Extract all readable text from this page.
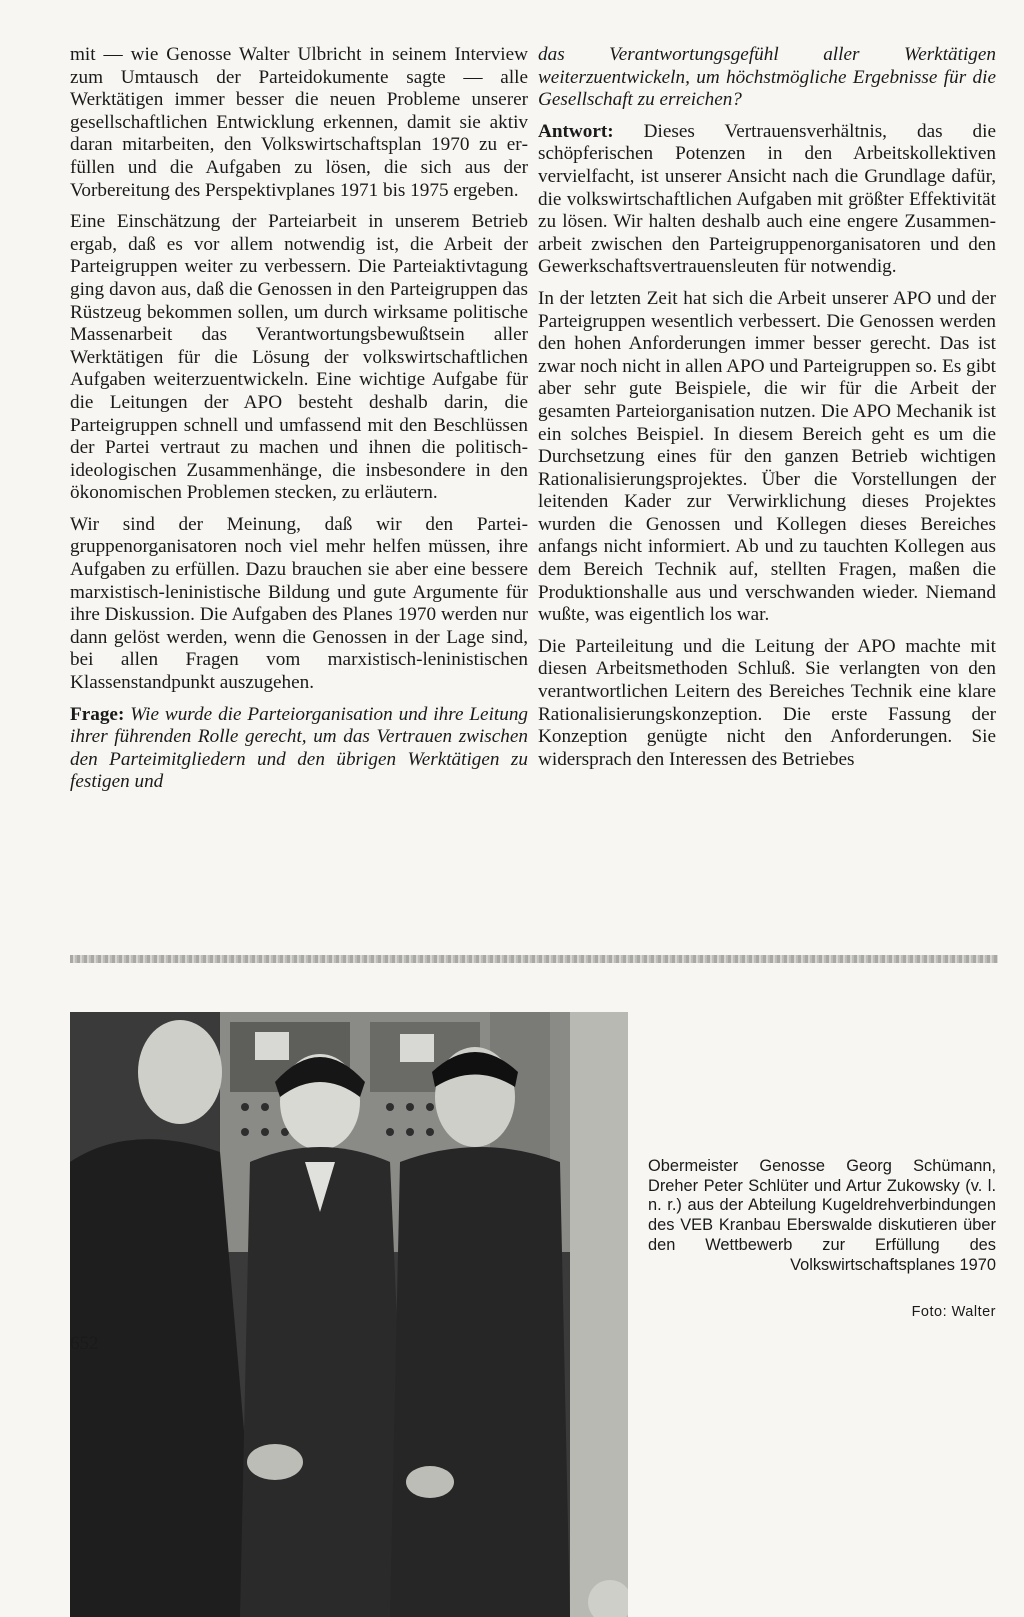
mit — wie Genosse Walter Ulbricht in seinem Interview zum Umtausch der Parteidokumente sagte — alle Werktätigen immer besser die neuen Probleme unserer gesellschaftlichen Entwicklung erkennen, damit sie aktiv daran mitarbeiten, den Volkswirtschaftsplan 1970 zu erfüllen und die Aufgaben zu lösen, die sich aus der Vorbereitung des Perspektivplanes 1971 bis 1975 ergeben.

Eine Einschätzung der Parteiarbeit in unserem Betrieb ergab, daß es vor allem notwendig ist, die Arbeit der Parteigruppen weiter zu verbessern. Die Parteiaktivtagung ging davon aus, daß die Genossen in den Parteigruppen das Rüstzeug bekommen sollen, um durch wirksame politische Massenarbeit das Verantwortungsbewußtsein aller Werktätigen für die Lösung der volkswirtschaftlichen Aufgaben weiterzuentwickeln. Eine wichtige Aufgabe für die Leitungen der APO besteht deshalb darin, die Parteigruppen schnell und umfassend mit den Beschlüssen der Partei vertraut zu machen und ihnen die politisch-ideologischen Zusammenhänge, die insbesondere in den ökonomischen Problemen stecken, zu erläutern.

Wir sind der Meinung, daß wir den Parteigruppenorganisatoren noch viel mehr helfen müssen, ihre Aufgaben zu erfüllen. Dazu brauchen sie aber eine bessere marxistisch-leninistische Bildung und gute Argumente für ihre Diskussion. Die Aufgaben des Planes 1970 werden nur dann gelöst werden, wenn die Genossen in der Lage sind, bei allen Fragen vom marxistisch-leninistischen Klassenstandpunkt auszugehen.

Frage: Wie wurde die Parteiorganisation und ihre Leitung ihrer führenden Rolle gerecht, um das Vertrauen zwischen den Parteimitgliedern und den übrigen Werktätigen zu festigen und

das Verantwortungsgefühl aller Werktätigen weiterzuentwickeln, um höchstmögliche Ergebnisse für die Gesellschaft zu erreichen?

Antwort: Dieses Vertrauensverhältnis, das die schöpferischen Potenzen in den Arbeitskollektiven vervielfacht, ist unserer Ansicht nach die Grundlage dafür, die volkswirtschaftlichen Aufgaben mit größter Effektivität zu lösen. Wir halten deshalb auch eine engere Zusammenarbeit zwischen den Parteigruppenorganisatoren und den Gewerkschaftsvertrauensleuten für notwendig.

In der letzten Zeit hat sich die Arbeit unserer APO und der Parteigruppen wesentlich verbessert. Die Genossen werden den hohen Anforderungen immer besser gerecht. Das ist zwar noch nicht in allen APO und Parteigruppen so. Es gibt aber sehr gute Beispiele, die wir für die Arbeit der gesamten Parteiorganisation nutzen. Die APO Mechanik ist ein solches Beispiel. In diesem Bereich geht es um die Durchsetzung eines für den ganzen Betrieb wichtigen Rationalisierungsprojektes. Über die Vorstellungen der leitenden Kader zur Verwirklichung dieses Projektes wurden die Genossen und Kollegen dieses Bereiches anfangs nicht informiert. Ab und zu tauchten Kollegen aus dem Bereich Technik auf, stellten Fragen, maßen die Produktionshalle aus und verschwanden wieder. Niemand wußte, was eigentlich los war.

Die Parteileitung und die Leitung der APO machte mit diesen Arbeitsmethoden Schluß. Sie verlangten von den verantwortlichen Leitern des Bereiches Technik eine klare Rationalisierungskonzeption. Die erste Fassung der Konzeption genügte nicht den Anforderungen. Sie widersprach den Interessen des Betriebes

Obermeister Genosse Georg Schümann, Dreher Peter Schlüter und Artur Zukowsky (v. l. n. r.) aus der Abteilung Kugeldrehverbindungen des VEB Kranbau Eberswalde diskutieren über den Wettbewerb zur Erfüllung des Volkswirtschaftsplanes 1970
Foto: Walter
652
